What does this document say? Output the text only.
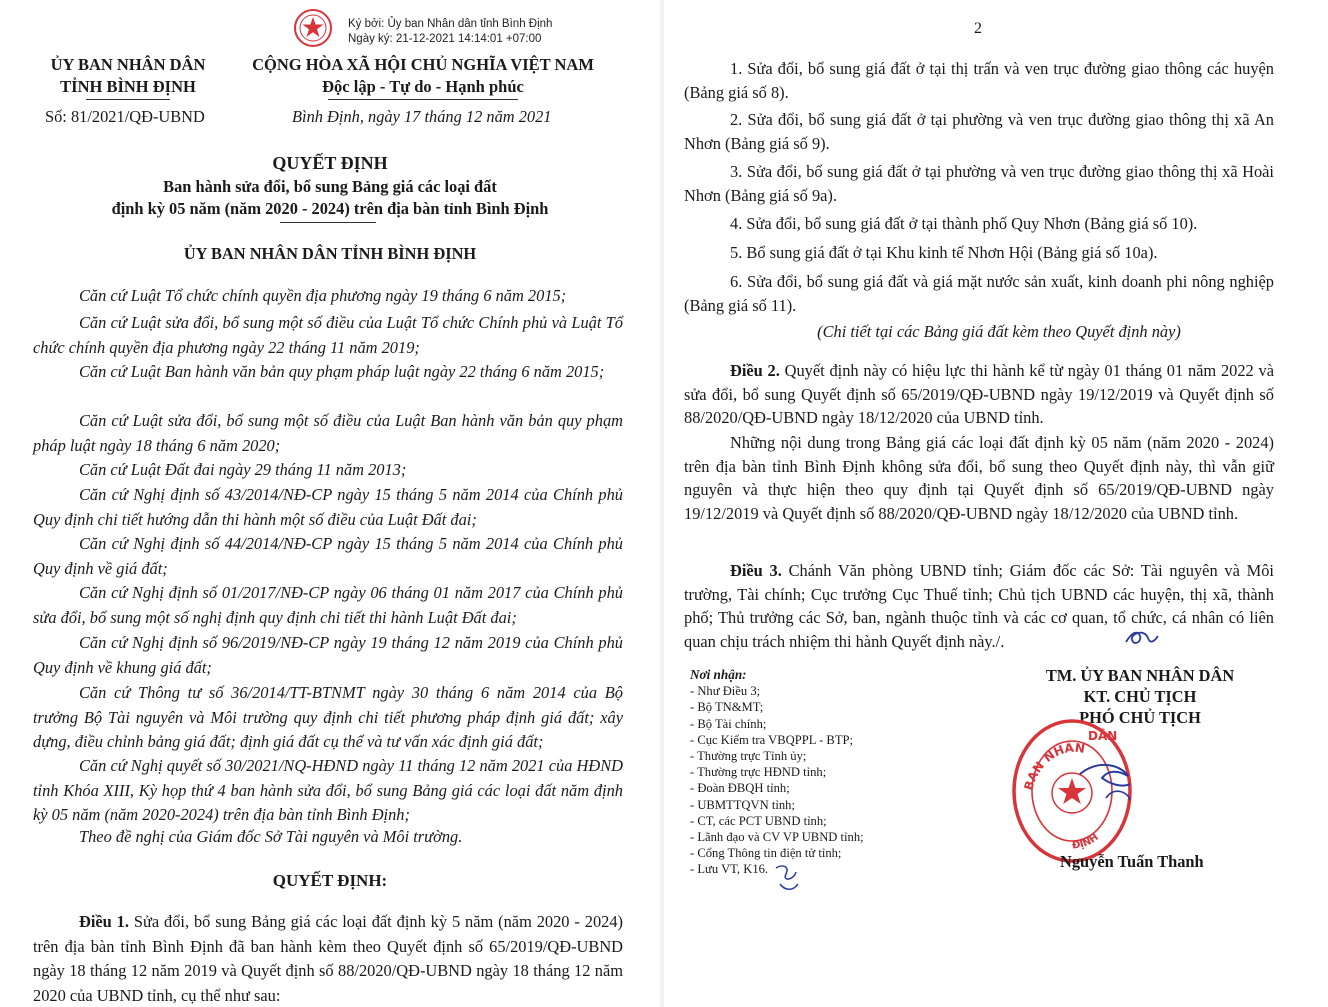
Ký bởi: Ủy ban Nhân dân tỉnh Bình Định
Ngày ký: 21-12-2021 14:14:01 +07:00
ỦY BAN NHÂN DÂN
TỈNH BÌNH ĐỊNH
Số: 81/2021/QĐ-UBND
CỘNG HÒA XÃ HỘI CHỦ NGHĨA VIỆT NAM
Độc lập - Tự do - Hạnh phúc
Bình Định, ngày 17 tháng 12 năm 2021
QUYẾT ĐỊNH
Ban hành sửa đổi, bổ sung Bảng giá các loại đất
định kỳ 05 năm (năm 2020 - 2024) trên địa bàn tỉnh Bình Định
ỦY BAN NHÂN DÂN TỈNH BÌNH ĐỊNH
Căn cứ Luật Tổ chức chính quyền địa phương ngày 19 tháng 6 năm 2015;
Căn cứ Luật sửa đổi, bổ sung một số điều của Luật Tổ chức Chính phủ và Luật Tổ chức chính quyền địa phương ngày 22 tháng 11 năm 2019;
Căn cứ Luật Ban hành văn bản quy phạm pháp luật ngày 22 tháng 6 năm 2015;
Căn cứ Luật sửa đổi, bổ sung một số điều của Luật Ban hành văn bản quy phạm pháp luật ngày 18 tháng 6 năm 2020;
Căn cứ Luật Đất đai ngày 29 tháng 11 năm 2013;
Căn cứ Nghị định số 43/2014/NĐ-CP ngày 15 tháng 5 năm 2014 của Chính phủ Quy định chi tiết hướng dẫn thi hành một số điều của Luật Đất đai;
Căn cứ Nghị định số 44/2014/NĐ-CP ngày 15 tháng 5 năm 2014 của Chính phủ Quy định về giá đất;
Căn cứ Nghị định số 01/2017/NĐ-CP ngày 06 tháng 01 năm 2017 của Chính phủ sửa đổi, bổ sung một số nghị định quy định chi tiết thi hành Luật Đất đai;
Căn cứ Nghị định số 96/2019/NĐ-CP ngày 19 tháng 12 năm 2019 của Chính phủ Quy định về khung giá đất;
Căn cứ Thông tư số 36/2014/TT-BTNMT ngày 30 tháng 6 năm 2014 của Bộ trưởng Bộ Tài nguyên và Môi trường quy định chi tiết phương pháp định giá đất; xây dựng, điều chỉnh bảng giá đất; định giá đất cụ thể và tư vấn xác định giá đất;
Căn cứ Nghị quyết số 30/2021/NQ-HĐND ngày 11 tháng 12 năm 2021 của HĐND tỉnh Khóa XIII, Kỳ họp thứ 4 ban hành sửa đổi, bổ sung Bảng giá các loại đất năm định kỳ 05 năm (năm 2020-2024) trên địa bàn tỉnh Bình Định;
Theo đề nghị của Giám đốc Sở Tài nguyên và Môi trường.
QUYẾT ĐỊNH:
Điều 1. Sửa đổi, bổ sung Bảng giá các loại đất định kỳ 5 năm (năm 2020 - 2024) trên địa bàn tỉnh Bình Định đã ban hành kèm theo Quyết định số 65/2019/QĐ-UBND ngày 18 tháng 12 năm 2019 và Quyết định số 88/2020/QĐ-UBND ngày 18 tháng 12 năm 2020 của UBND tỉnh, cụ thể như sau:
2
1. Sửa đổi, bổ sung giá đất ở tại thị trấn và ven trục đường giao thông các huyện (Bảng giá số 8).
2. Sửa đổi, bổ sung giá đất ở tại phường và ven trục đường giao thông thị xã An Nhơn (Bảng giá số 9).
3. Sửa đổi, bổ sung giá đất ở tại phường và ven trục đường giao thông thị xã Hoài Nhơn (Bảng giá số 9a).
4. Sửa đổi, bổ sung giá đất ở tại thành phố Quy Nhơn (Bảng giá số 10).
5. Bổ sung giá đất ở tại Khu kinh tế Nhơn Hội (Bảng giá số 10a).
6. Sửa đổi, bổ sung giá đất và giá mặt nước sản xuất, kinh doanh phi nông nghiệp (Bảng giá số 11).
(Chi tiết tại các Bảng giá đất kèm theo Quyết định này)
Điều 2. Quyết định này có hiệu lực thi hành kể từ ngày 01 tháng 01 năm 2022 và sửa đổi, bổ sung Quyết định số 65/2019/QĐ-UBND ngày 19/12/2019 và Quyết định số 88/2020/QĐ-UBND ngày 18/12/2020 của UBND tỉnh.
Những nội dung trong Bảng giá các loại đất định kỳ 05 năm (năm 2020 - 2024) trên địa bàn tỉnh Bình Định không sửa đổi, bổ sung theo Quyết định này, thì vẫn giữ nguyên và thực hiện theo quy định tại Quyết định số 65/2019/QĐ-UBND ngày 19/12/2019 và Quyết định số 88/2020/QĐ-UBND ngày 18/12/2020 của UBND tỉnh.
Điều 3. Chánh Văn phòng UBND tỉnh; Giám đốc các Sở: Tài nguyên và Môi trường, Tài chính; Cục trưởng Cục Thuế tỉnh; Chủ tịch UBND các huyện, thị xã, thành phố; Thủ trưởng các Sở, ban, ngành thuộc tỉnh và các cơ quan, tổ chức, cá nhân có liên quan chịu trách nhiệm thi hành Quyết định này./.
Nơi nhận:
- Như Điều 3;
- Bộ TN&MT;
- Bộ Tài chính;
- Cục Kiểm tra VBQPPL - BTP;
- Thường trực Tỉnh ủy;
- Thường trực HĐND tỉnh;
- Đoàn ĐBQH tỉnh;
- UBMTTQVN tỉnh;
- CT, các PCT UBND tỉnh;
- Lãnh đạo và CV VP UBND tỉnh;
- Cổng Thông tin điện tử tỉnh;
- Lưu VT, K16.
TM. ỦY BAN NHÂN DÂN
KT. CHỦ TỊCH
PHÓ CHỦ TỊCH
BAN NHÂN
DÂN
ĐỊNH
Nguyễn Tuấn Thanh
